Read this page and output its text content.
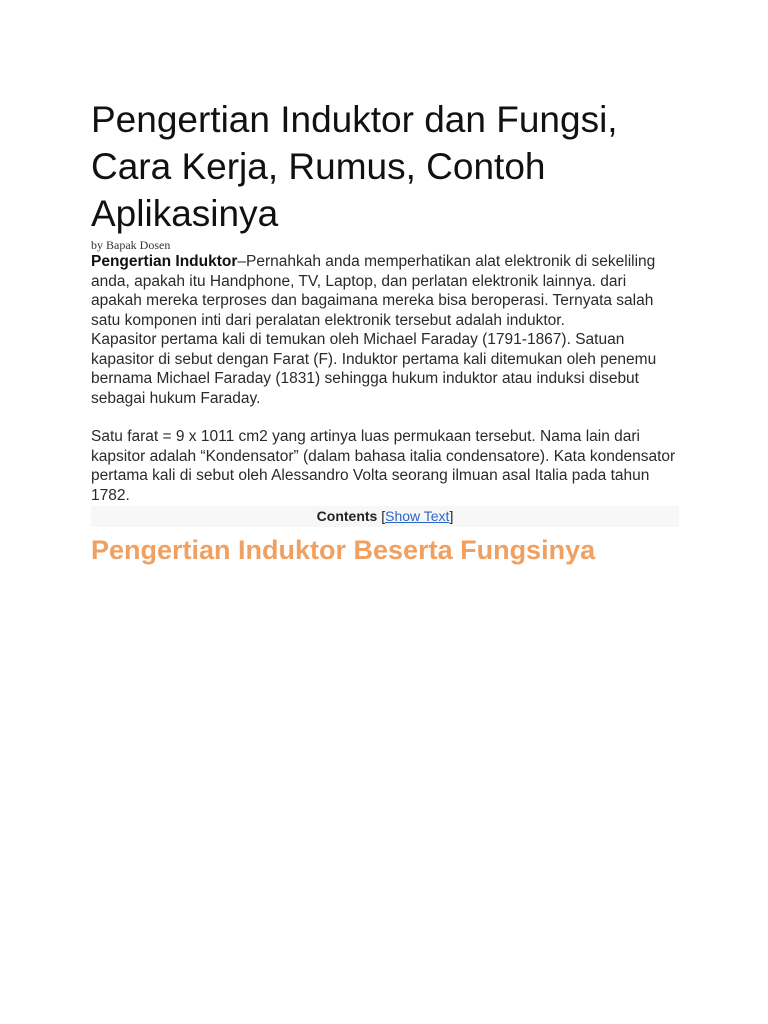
Pengertian Induktor dan Fungsi, Cara Kerja, Rumus, Contoh Aplikasinya
by Bapak Dosen

Pengertian Induktor–Pernahkah anda memperhatikan alat elektronik di sekeliling anda, apakah itu Handphone, TV, Laptop, dan perlatan elektronik lainnya. dari apakah mereka terproses dan bagaimana mereka bisa beroperasi. Ternyata salah satu komponen inti dari peralatan elektronik tersebut adalah induktor.

Kapasitor pertama kali di temukan oleh Michael Faraday (1791-1867). Satuan kapasitor di sebut dengan Farat (F). Induktor pertama kali ditemukan oleh penemu bernama Michael Faraday (1831) sehingga hukum induktor atau induksi disebut sebagai hukum Faraday.

Satu farat = 9 x 1011 cm2 yang artinya luas permukaan tersebut. Nama lain dari kapsitor adalah “Kondensator” (dalam bahasa italia condensatore). Kata kondensator pertama kali di sebut oleh Alessandro Volta seorang ilmuan asal Italia pada tahun 1782.

Contents [Show Text]
Pengertian Induktor Beserta Fungsinya
